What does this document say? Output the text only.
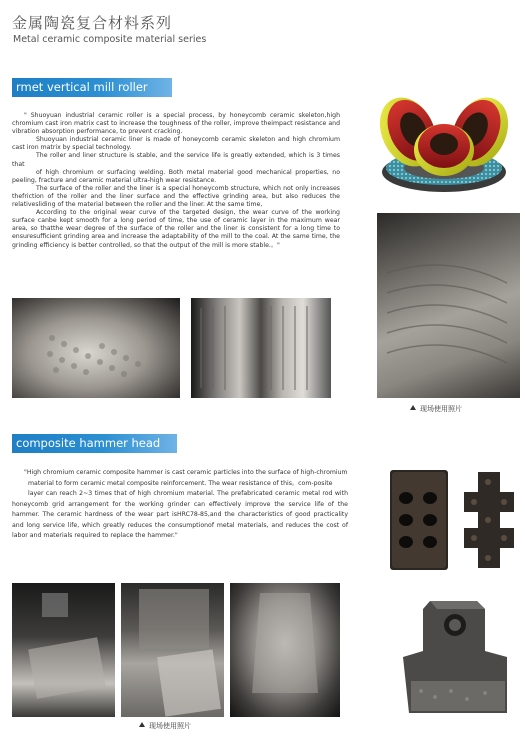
金属陶瓷复合材料系列
Metal ceramic composite material series
rmet vertical mill roller
" Shuoyuan industrial ceramic roller is a special process, by honeycomb ceramic skeleton,high chromium cast iron matrix cast to increase the toughness of the roller, improve theimpact resistance and vibration absorption performance, to prevent cracking.
Shuoyuan industrial ceramic liner is made of honeycomb ceramic skeleton and high chromium cast iron matrix by special technology.
The roller and liner structure is stable, and the service life is greatly extended, which is 3 times that
of high chromium or surfacing welding. Both metal material good mechanical properties, no peeling, fracture and ceramic material ultra-high wear resistance.
The surface of the roller and the liner is a special honeycomb structure, which not only increases thefriction of the roller and the liner surface and the effective grinding area, but also reduces the relativesliding of the material between the roller and the liner. At the same time,
According to the original wear curve of the targeted design, the wear curve of the working surface canbe kept smooth for a long period of time, the use of ceramic layer in the maximum wear area, so thatthe wear degree of the surface of the roller and the liner is consistent for a long time to ensuresufficient grinding area and increase the adaptability of the mill to the coal. At the same time, the grinding efficiency is better controlled, so that the output of the mill is more stable.。"
现场使用照片
composite hammer head
"High chromium ceramic composite hammer is cast ceramic particles into the surface of high-chromium
material to form ceramic metal composite reinforcement. The wear resistance of this。com-posite
layer can reach 2~3 times that of high chromium material. The prefabricated ceramic metal rod with honeycomb grid arrangement for the working grinder can effectively improve the service life of the hammer. The ceramic hardness of the wear part isHRC78-85,and the characteristics of good practicality and long service life, which greatly reduces the consumptionof metal materials, and reduces the cost of labor and materials required to replace the hammer."
现场使用照片
